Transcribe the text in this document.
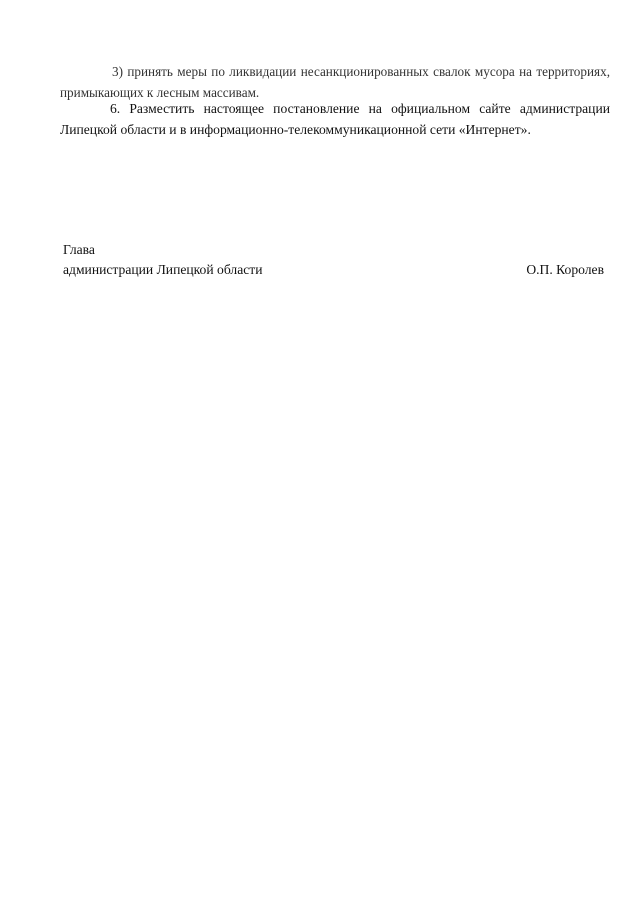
3) принять меры по ликвидации несанкционированных свалок мусора на территориях, примыкающих к лесным массивам.

6. Разместить настоящее постановление на официальном сайте администрации Липецкой области и в информационно-телекоммуникационной сети «Интернет».

Глава

администрации Липецкой области	О.П. Королев
